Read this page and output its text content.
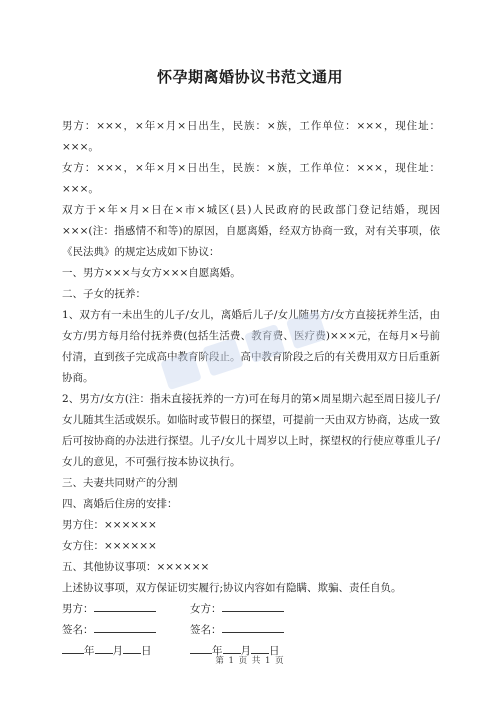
怀孕期离婚协议书范文通用

男方：×××，×年×月×日出生，民族：×族，工作单位：×××，现住址：×××。

女方：×××，×年×月×日出生，民族：×族，工作单位：×××，现住址：×××。

双方于×年×月×日在×市×城区(县)人民政府的民政部门登记结婚，现因×××(注：指感情不和等)的原因，自愿离婚，经双方协商一致，对有关事项，依《民法典》的规定达成如下协议：

一、男方×××与女方×××自愿离婚。

二、子女的抚养：

1、双方有一未出生的儿子/女儿，离婚后儿子/女儿随男方/女方直接抚养生活，由女方/男方每月给付抚养费(包括生活费、教育费、医疗费)×××元，在每月×号前付清，直到孩子完成高中教育阶段止。高中教育阶段之后的有关费用双方日后重新协商。

2、男方/女方(注：指未直接抚养的一方)可在每月的第×周星期六起至周日接儿子/女儿随其生活或娱乐。如临时或节假日的探望，可提前一天由双方协商，达成一致后可按协商的办法进行探望。儿子/女儿十周岁以上时，探望权的行使应尊重儿子/女儿的意见，不可强行按本协议执行。

三、夫妻共同财产的分割

四、离婚后住房的安排：

男方住：××××××

女方住：××××××

五、其他协议事项：××××××

上述协议事项，双方保证切实履行;协议内容如有隐瞒、欺骗、责任自负。

男方：	女方：
签名：	签名：
年 月 日	年 月 日
第 1 页 共 1 页
